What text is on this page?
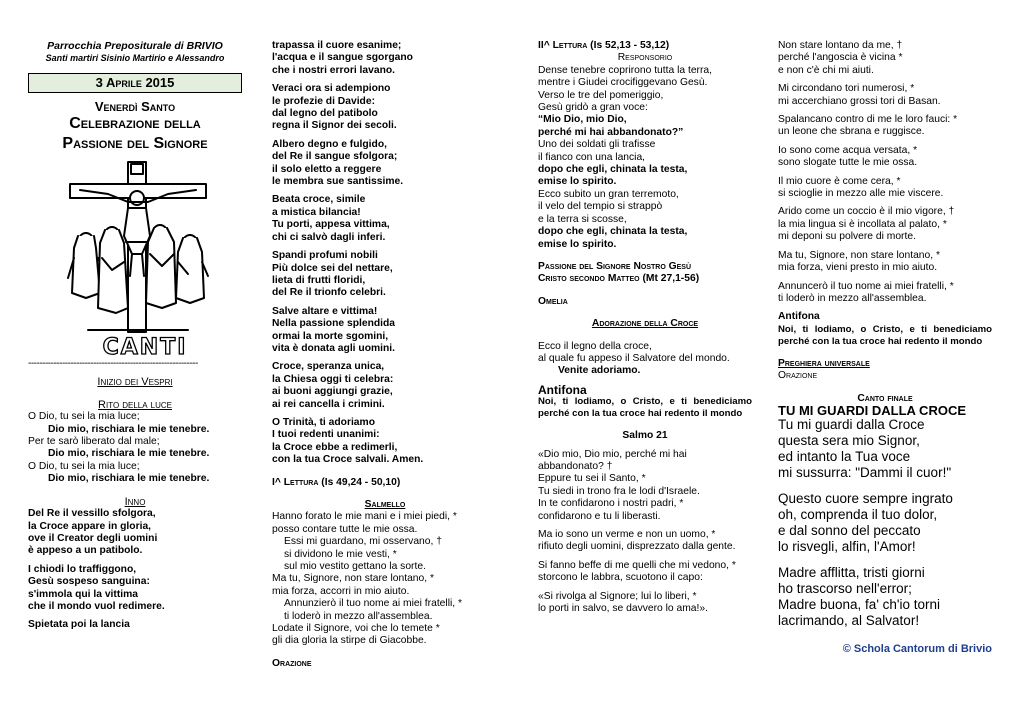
Parrocchia Prepositurale di BRIVIO

Santi martiri Sisinio Martirio e Alessandro

3 Aprile 2015
Venerdì Santo
Celebrazione della
Passione del Signore
CANTI
------------------------------------------------------------

Inizio dei Vespri

Rito della luce

O Dio, tu sei la mia luce;

Dio mio, rischiara le mie tenebre.

Per te sarò liberato dal male;

Dio mio, rischiara le mie tenebre.

O Dio, tu sei la mia luce;

Dio mio, rischiara le mie tenebre.

Inno

Del Re il vessillo sfolgora,

la Croce appare in gloria,

ove il Creator degli uomini

è appeso a un patibolo.

I chiodi lo traffiggono,

Gesù sospeso sanguina:

s'immola qui la vittima

che il mondo vuol redimere.

Spietata poi la lancia

trapassa il cuore esanime;

l'acqua e il sangue sgorgano

che i nostri errori lavano.

Veraci ora si adempiono

le profezie di Davide:

dal legno del patibolo

regna il Signor dei secoli.

Albero degno e fulgido,

del Re il sangue sfolgora;

il solo eletto a reggere

le membra sue santissime.

Beata croce, simile

a mistica bilancia!

Tu porti, appesa vittima,

chi ci salvò dagli inferi.

Spandi profumi nobili

Più dolce sei del nettare,

lieta di frutti floridi,

del Re il trionfo celebri.

Salve altare e vittima!

Nella passione splendida

ormai la morte sgomini,

vita è donata agli uomini.

Croce, speranza unica,

la Chiesa oggi ti celebra:

ai buoni aggiungi grazie,

ai rei cancella i crimini.

O Trinità, ti adoriamo

I tuoi redenti unanimi:

la Croce ebbe a redimerli,

con la tua Croce salvali. Amen.

I^ Lettura (Is 49,24 - 50,10)

Salmello

Hanno forato le mie mani e i miei piedi, *

posso contare tutte le mie ossa.

Essi mi guardano, mi osservano, †

si dividono le mie vesti, *

sul mio vestito gettano la sorte.

Ma tu, Signore, non stare lontano, *

mia forza, accorri in mio aiuto.

Annunzierò il tuo nome ai miei fratelli, *

ti loderò in mezzo all'assemblea.

Lodate il Signore, voi che lo temete *

gli dia gloria la stirpe di Giacobbe.

Orazione

II^ Lettura (Is 52,13 - 53,12)

Responsorio

Dense tenebre coprirono tutta la terra,

mentre i Giudei crocifiggevano Gesù.

Verso le tre del pomeriggio,

Gesù gridò a gran voce:

“Mio Dio, mio Dio,

perché mi hai abbandonato?”

Uno dei soldati gli trafisse

il fianco con una lancia,

dopo che egli, chinata la testa,

emise lo spirito.

Ecco subito un gran terremoto,

il velo del tempio si strappò

e la terra si scosse,

dopo che egli, chinata la testa,

emise lo spirito.

Passione del Signore Nostro Gesù

Cristo secondo Matteo (Mt 27,1-56)

Omelia

Adorazione della Croce

Ecco il legno della croce,

al quale fu appeso il Salvatore del mondo.

Venite adoriamo.

Antifona

Noi, ti lodiamo, o Cristo, e ti benediciamo perché con la tua croce hai redento il mondo

Salmo 21

«Dio mio, Dio mio, perché mi hai

abbandonato? †

Eppure tu sei il Santo, *

Tu siedi in trono fra le lodi d'Israele.

In te confidarono i nostri padri, *

confidarono e tu li liberasti.

Ma io sono un verme e non un uomo, *

rifiuto degli uomini, disprezzato dalla gente.

Si fanno beffe di me quelli che mi vedono, *

storcono le labbra, scuotono il capo:

«Si rivolga al Signore; lui lo liberi, *

lo porti in salvo, se davvero lo ama!».

Non stare lontano da me, †

perché l'angoscia è vicina *

e non c'è chi mi aiuti.

Mi circondano tori numerosi, *

mi accerchiano grossi tori di Basan.

Spalancano contro di me le loro fauci: *

un leone che sbrana e ruggisce.

Io sono come acqua versata, *

sono slogate tutte le mie ossa.

Il mio cuore è come cera, *

si scioglie in mezzo alle mie viscere.

Arido come un coccio è il mio vigore, †

la mia lingua si è incollata al palato, *

mi deponi su polvere di morte.

Ma tu, Signore, non stare lontano, *

mia forza, vieni presto in mio aiuto.

Annuncerò il tuo nome ai miei fratelli, *

ti loderò in mezzo all'assemblea.

Antifona

Noi, ti lodiamo, o Cristo, e ti benediciamo perché con la tua croce hai redento il mondo

Preghiera universale

Orazione

Canto finale

TU MI GUARDI DALLA CROCE

Tu mi guardi dalla Croce

questa sera mio Signor,

ed intanto la Tua voce

mi sussurra: "Dammi il cuor!"

Questo cuore sempre ingrato

oh, comprenda il tuo dolor,

e dal sonno del peccato

lo risvegli, alfin, l'Amor!

Madre afflitta, tristi giorni

ho trascorso nell'error;

Madre buona, fa' ch'io torni

lacrimando, al Salvator!

© Schola Cantorum di Brivio
